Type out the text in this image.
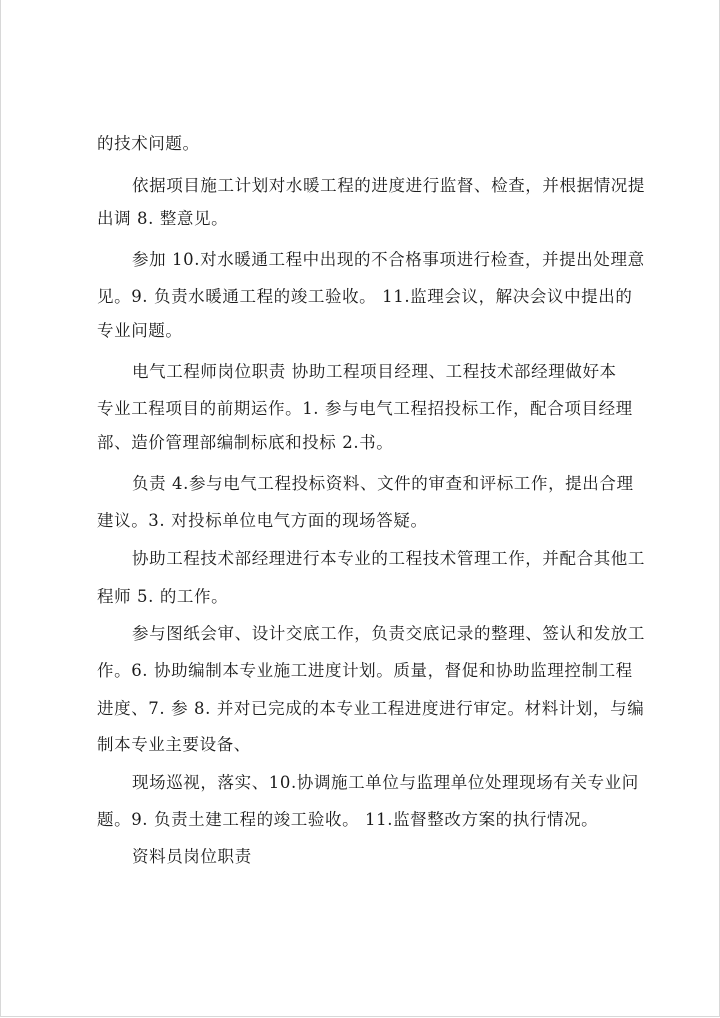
的技术问题。
依据项目施工计划对水暖工程的进度进行监督、检查，并根据情况提
出调 8. 整意见。
参加 10.对水暖通工程中出现的不合格事项进行检查，并提出处理意
见。9. 负责水暖通工程的竣工验收。 11.监理会议，解决会议中提出的
专业问题。
电气工程师岗位职责 协助工程项目经理、工程技术部经理做好本
专业工程项目的前期运作。1. 参与电气工程招投标工作，配合项目经理
部、造价管理部编制标底和投标 2.书。
负责 4.参与电气工程投标资料、文件的审查和评标工作，提出合理
建议。3. 对投标单位电气方面的现场答疑。
协助工程技术部经理进行本专业的工程技术管理工作，并配合其他工
程师 5. 的工作。
参与图纸会审、设计交底工作，负责交底记录的整理、签认和发放工
作。6. 协助编制本专业施工进度计划。质量，督促和协助监理控制工程
进度、7. 参 8. 并对已完成的本专业工程进度进行审定。材料计划，与编
制本专业主要设备、
现场巡视，落实、10.协调施工单位与监理单位处理现场有关专业问
题。9. 负责土建工程的竣工验收。 11.监督整改方案的执行情况。
资料员岗位职责
